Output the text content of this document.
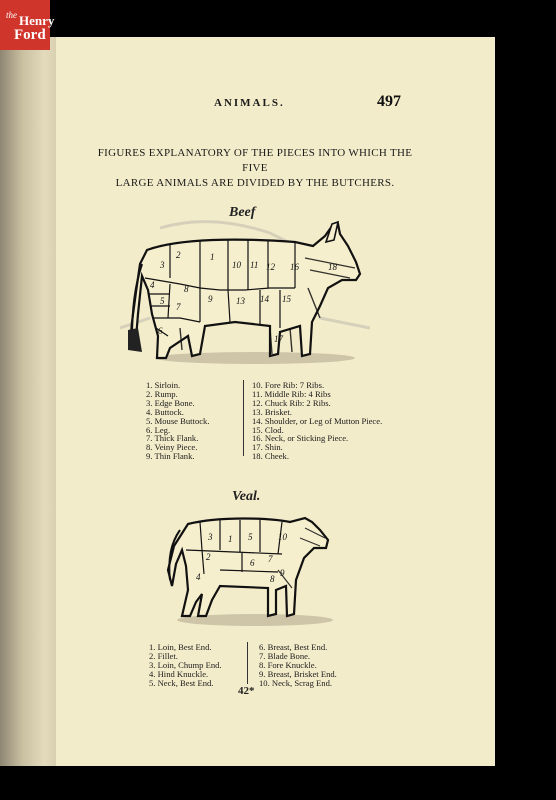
the Henry
Ford
ANIMALS.	497
FIGURES EXPLANATORY OF THE PIECES INTO WHICH THE FIVE
LARGE ANIMALS ARE DIVIDED BY THE BUTCHERS.
Beef
2	1
10 11 12 16	18
3
4	8
5
7
9	13 14 15
6
17
1. Sirloin.
2. Rump.
3. Edge Bone.
4. Buttock.
5. Mouse Buttock.
6. Leg.
7. Thick Flank.
8. Veiny Piece.
9. Thin Flank.
10. Fore Rib: 7 Ribs.
11. Middle Rib: 4 Ribs
12. Chuck Rib: 2 Ribs.
13. Brisket.
14. Shoulder, or Leg of Mutton Piece.
15. Clod.
16. Neck, or Sticking Piece.
17. Shin.
18. Cheek.
Veal.
3 1 5	10
2
6 7
4	8
9
1. Loin, Best End.
2. Fillet.
3. Loin, Chump End.
4. Hind Knuckle.
5. Neck, Best End.
6. Breast, Best End.
7. Blade Bone.
8. Fore Knuckle.
9. Breast, Brisket End.
10. Neck, Scrag End.
42*
